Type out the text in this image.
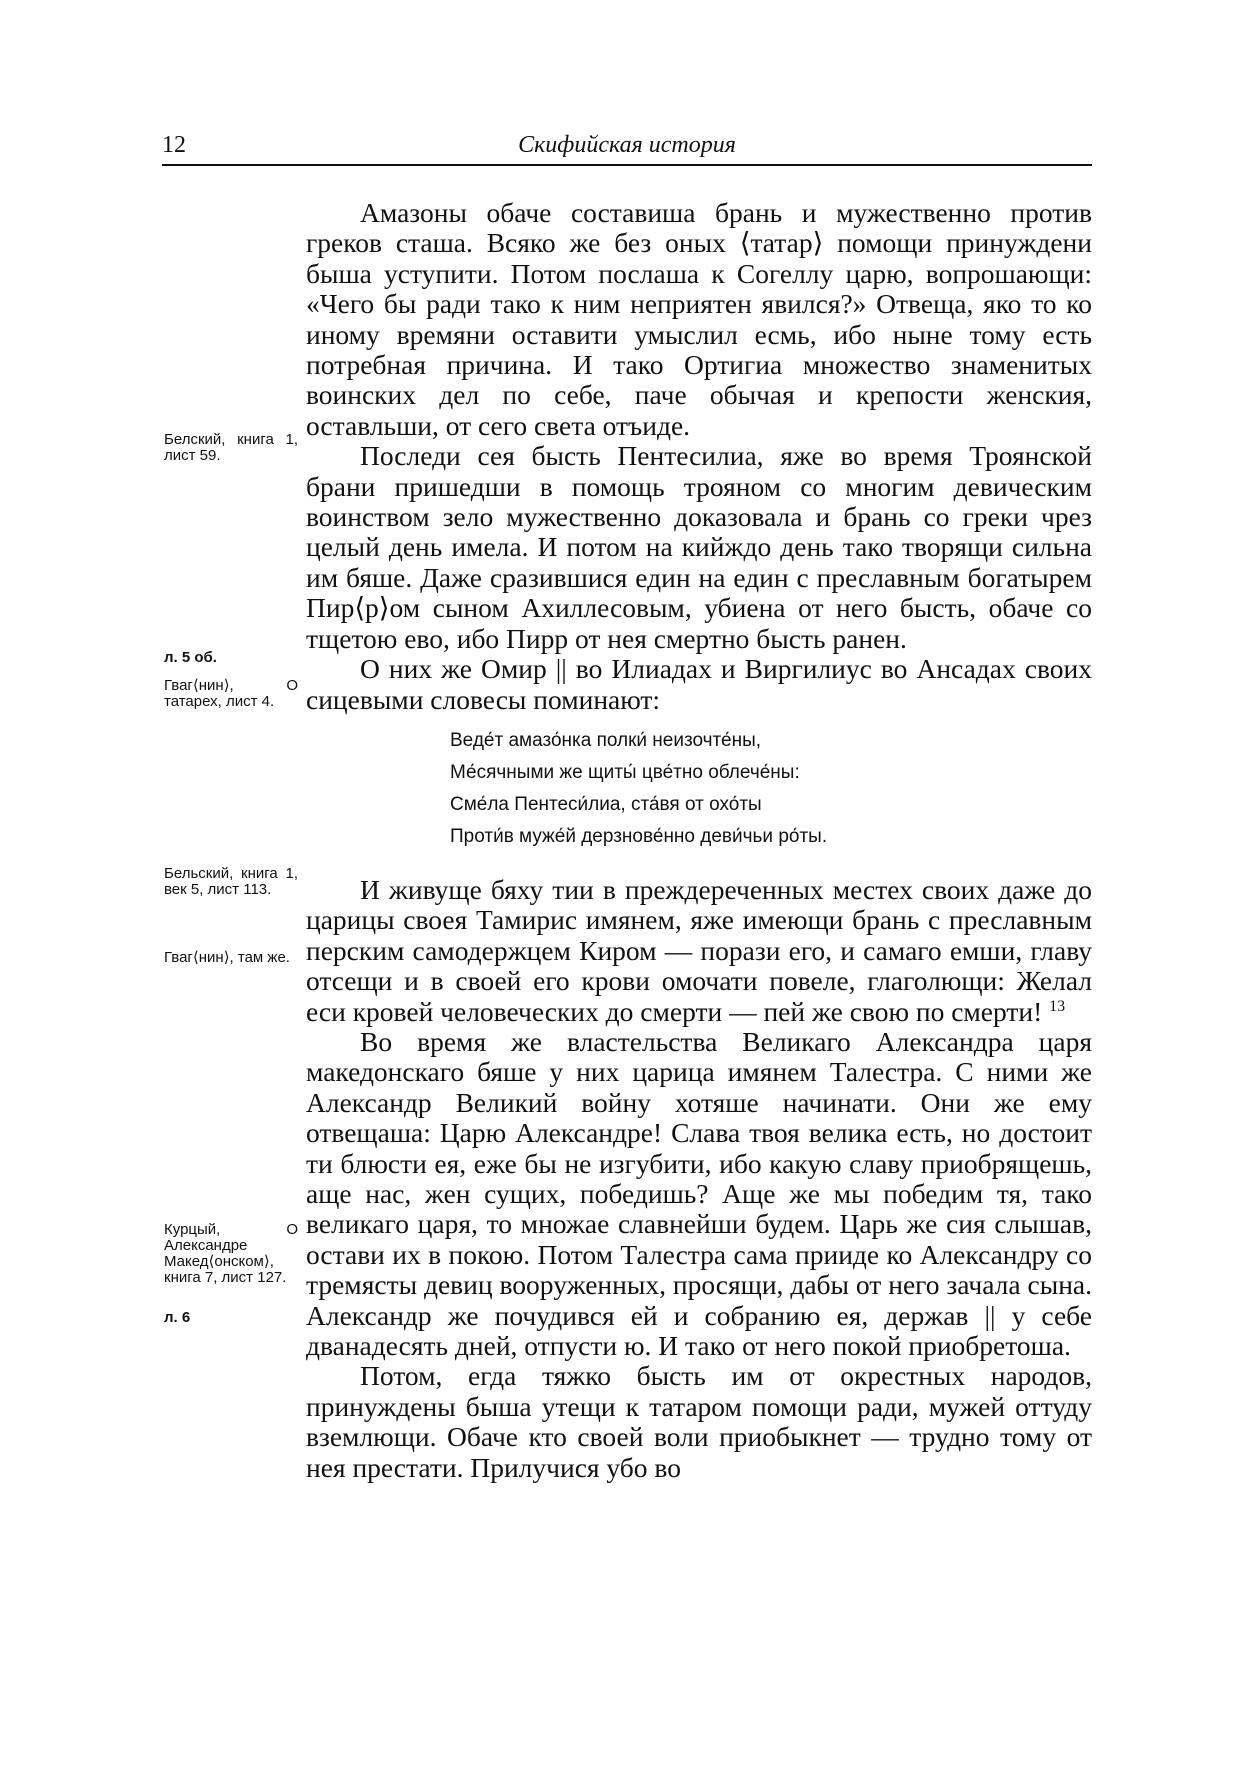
12	Скифийская история
Белский, книга 1, лист 59.
л. 5 об.
Гваг⟨нин⟩, О татарех, лист 4.
Бельский, книга 1, век 5, лист 113.
Гваг⟨нин⟩, там же.
Курцый, О Александре Макед⟨онском⟩, книга 7, лист 127.
л. 6

Амазоны обаче составиша брань и мужественно против греков сташа. Всяко же без оных ⟨татар⟩ помощи принуждени быша уступити. Потом послаша к Согеллу царю, вопрошающи: «Чего бы ради тако к ним неприятен явился?» Отвеща, яко то ко иному времяни оставити умыслил есмь, ибо ныне тому есть потребная причина. И тако Ортигиа множество знаменитых воинских дел по себе, паче обычая и крепости женския, оставльши, от сего света отъиде.

Последи сея бысть Пентесилиа, яже во время Троянской брани пришедши в помощь трояном со многим девическим воинством зело мужественно доказовала и брань со греки чрез целый день имела. И потом на кийждо день тако творящи сильна им бяше. Даже сразившися един на един с преславным богатырем Пир⟨р⟩ом сыном Ахиллесовым, убиена от него бысть, обаче со тщетою ево, ибо Пирр от нея смертно бысть ранен.

О них же Омир || во Илиадах и Виргилиус во Ансадах своих сицевыми словесы поминают:

Веде́т амазо́нка полки́ неизочте́ны,
Ме́сячными же щиты́ цве́тно облече́ны:
Сме́ла Пентеси́лиа, ста́вя от охо́ты
Проти́в муже́й дерзнове́нно деви́чьи ро́ты.

И живуще бяху тии в преждереченных местех своих даже до царицы своея Тамирис имянем, яже имеющи брань с преславным перским самодержцем Киром — порази его, и самаго емши, главу отсещи и в своей его крови омочати повеле, глаголющи: Желал еси кровей человеческих до смерти — пей же свою по смерти! $^{13}$

Во время же властельства Великаго Александра царя македонскаго бяше у них царица имянем Талестра. С ними же Александр Великий войну хотяше начинати. Они же ему отвещаша: Царю Александре! Слава твоя велика есть, но достоит ти блюсти ея, еже бы не изгубити, ибо какую славу приобрящешь, аще нас, жен сущих, победишь? Аще же мы победим тя, тако великаго царя, то множае славнейши будем. Царь же сия слышав, остави их в покою. Потом Талестра сама прииде ко Александру со тремясты девиц вооруженных, просящи, дабы от него зачала сына. Александр же почудився ей и собранию ея, держав || у себе дванадесять дней, отпусти ю. И тако от него покой приобретоша.

Потом, егда тяжко бысть им от окрестных народов, принуждены быша утещи к татаром помощи ради, мужей оттуду вземлющи. Обаче кто своей воли приобыкнет — трудно тому от нея престати. Прилучися убо во
